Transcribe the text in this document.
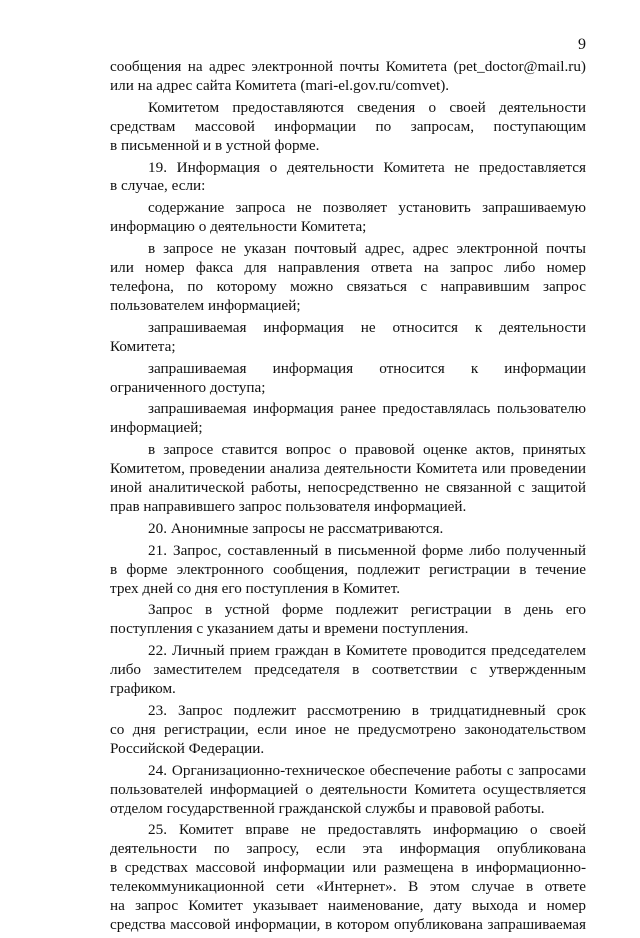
9
сообщения на адрес электронной почты Комитета (pet_doctor@mail.ru)
или на адрес сайта Комитета (mari-el.gov.ru/comvet).
Комитетом предоставляются сведения о своей деятельности
средствам массовой информации по запросам, поступающим
в письменной и в устной форме.
19. Информация о деятельности Комитета не предоставляется
в случае, если:
содержание запроса не позволяет установить запрашиваемую
информацию о деятельности Комитета;
в запросе не указан почтовый адрес, адрес электронной почты
или номер факса для направления ответа на запрос либо номер
телефона, по которому можно связаться с направившим запрос
пользователем информацией;
запрашиваемая информация не относится к деятельности
Комитета;
запрашиваемая информация относится к информации
ограниченного доступа;
запрашиваемая информация ранее предоставлялась пользователю
информацией;
в запросе ставится вопрос о правовой оценке актов, принятых
Комитетом, проведении анализа деятельности Комитета или проведении
иной аналитической работы, непосредственно не связанной с защитой
прав направившего запрос пользователя информацией.
20. Анонимные запросы не рассматриваются.
21. Запрос, составленный в письменной форме либо полученный
в форме электронного сообщения, подлежит регистрации в течение
трех дней со дня его поступления в Комитет.
Запрос в устной форме подлежит регистрации в день его
поступления с указанием даты и времени поступления.
22. Личный прием граждан в Комитете проводится председателем
либо заместителем председателя в соответствии с утвержденным
графиком.
23. Запрос подлежит рассмотрению в тридцатидневный срок
со дня регистрации, если иное не предусмотрено законодательством
Российской Федерации.
24. Организационно-техническое обеспечение работы с запросами
пользователей информацией о деятельности Комитета осуществляется
отделом государственной гражданской службы и правовой работы.
25. Комитет вправе не предоставлять информацию о своей
деятельности по запросу, если эта информация опубликована
в средствах массовой информации или размещена в информационно-
телекоммуникационной сети «Интернет». В этом случае в ответе
на запрос Комитет указывает наименование, дату выхода и номер
средства массовой информации, в котором опубликована запрашиваемая
